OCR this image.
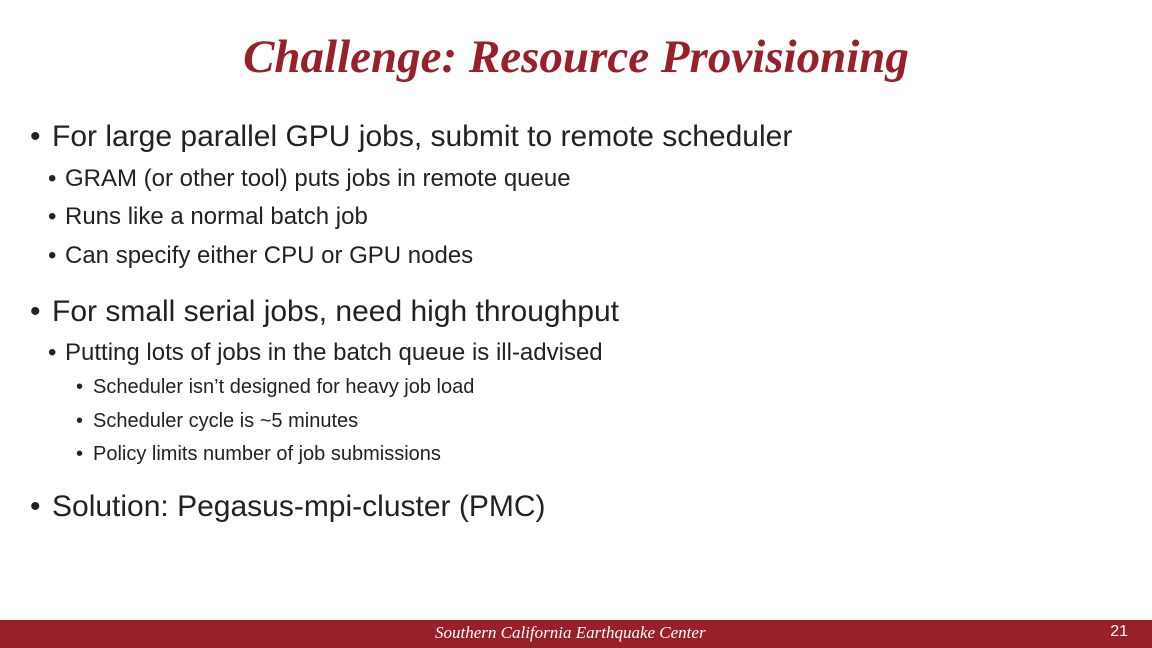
Challenge: Resource Provisioning
• For large parallel GPU jobs, submit to remote scheduler
• GRAM (or other tool) puts jobs in remote queue
• Runs like a normal batch job
• Can specify either CPU or GPU nodes
• For small serial jobs, need high throughput
• Putting lots of jobs in the batch queue is ill-advised
• Scheduler isn’t designed for heavy job load
• Scheduler cycle is ~5 minutes
• Policy limits number of job submissions
• Solution: Pegasus-mpi-cluster (PMC)
Southern California Earthquake Center	21
